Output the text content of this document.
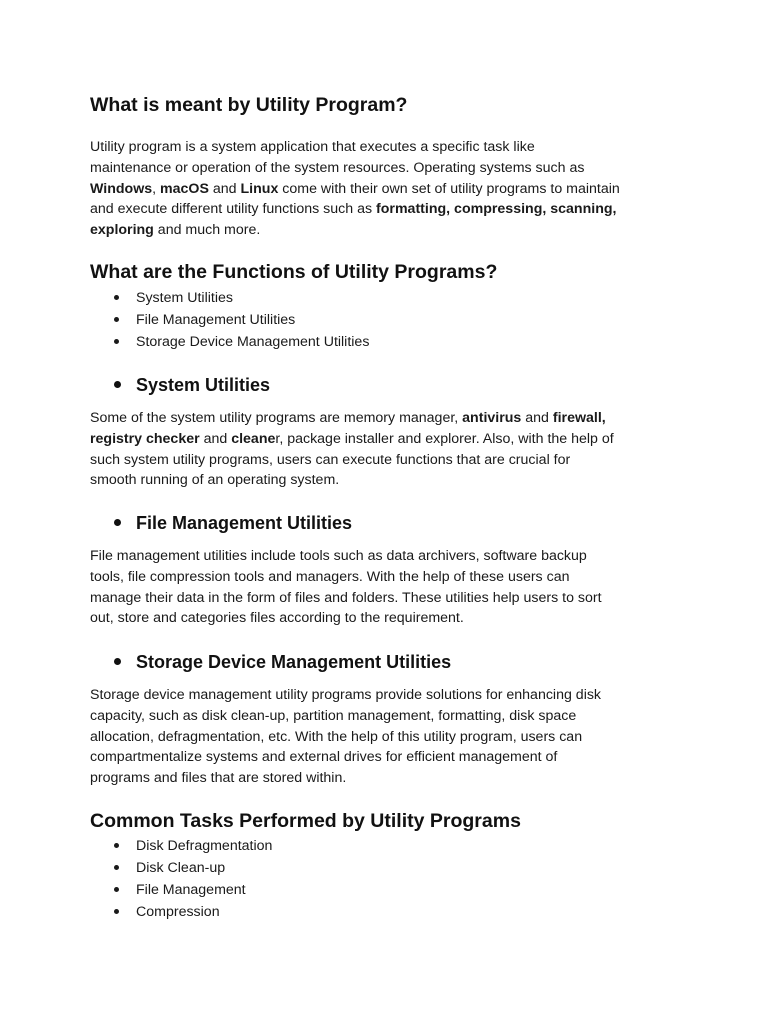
What is meant by Utility Program?
Utility program is a system application that executes a specific task like
maintenance or operation of the system resources. Operating systems such as
Windows, macOS and Linux come with their own set of utility programs to maintain
and execute different utility functions such as formatting, compressing, scanning,
exploring and much more.
What are the Functions of Utility Programs?
System Utilities
File Management Utilities
Storage Device Management Utilities
System Utilities
Some of the system utility programs are memory manager, antivirus and firewall,
registry checker and cleaner, package installer and explorer. Also, with the help of
such system utility programs, users can execute functions that are crucial for
smooth running of an operating system.
File Management Utilities
File management utilities include tools such as data archivers, software backup
tools, file compression tools and managers. With the help of these users can
manage their data in the form of files and folders. These utilities help users to sort
out, store and categories files according to the requirement.
Storage Device Management Utilities
Storage device management utility programs provide solutions for enhancing disk
capacity, such as disk clean-up, partition management, formatting, disk space
allocation, defragmentation, etc. With the help of this utility program, users can
compartmentalize systems and external drives for efficient management of
programs and files that are stored within.
Common Tasks Performed by Utility Programs
Disk Defragmentation
Disk Clean-up
File Management
Compression
